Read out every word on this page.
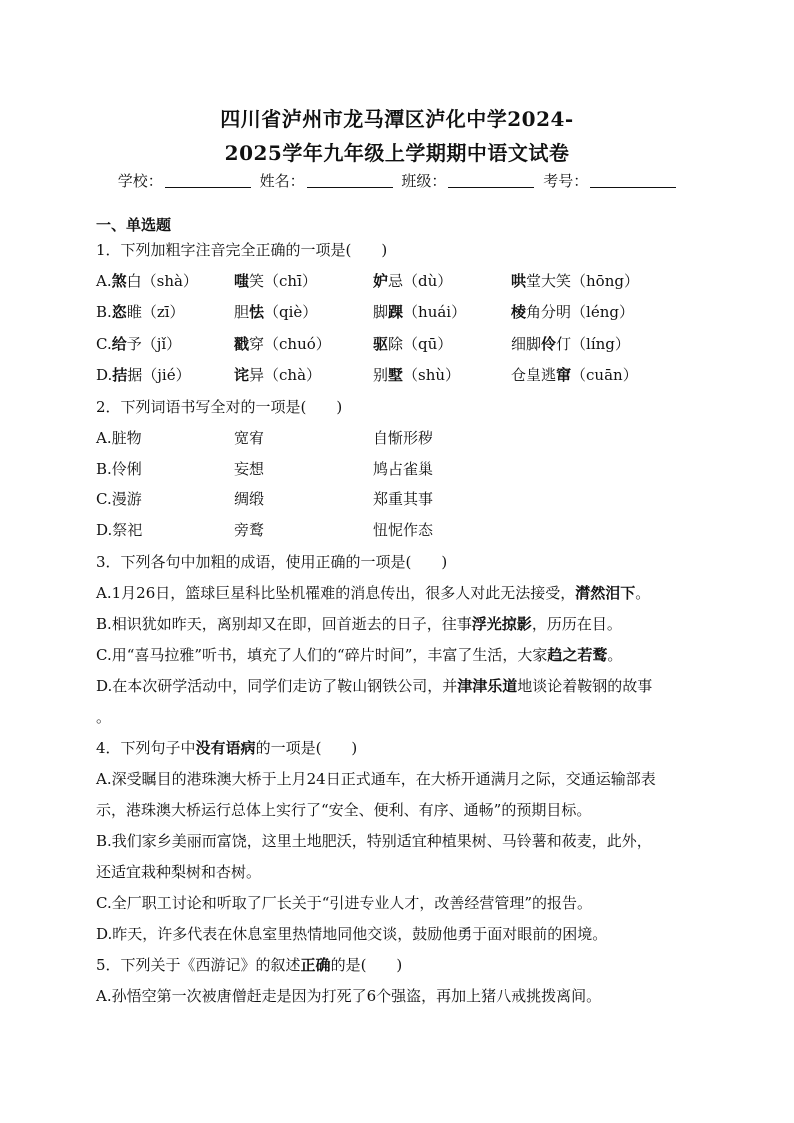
四川省泸州市龙马潭区泸化中学2024-
2025学年九年级上学期期中语文试卷
学校：	姓名：	班级：	考号：
一、单选题
1．下列加粗字注音完全正确的一项是(　　)
A.煞白（shà） 嗤笑（chī）	妒忌（dù）	哄堂大笑（hōng）
B.恣睢（zī）	胆怯（qiè）	脚踝（huái）	棱角分明（léng）
C.给予（jǐ）	戳穿（chuó）	驱除（qū）	细脚伶仃（líng）
D.拮据（jié）	诧异（chà）	别墅（shù）	仓皇逃窜（cuān）
2．下列词语书写全对的一项是(　　)
A.脏物	宽宥	自惭形秽
B.伶俐	妄想	鸠占雀巢
C.漫游	绸缎	郑重其事
D.祭祀	旁鹜	忸怩作态
3．下列各句中加粗的成语，使用正确的一项是(　　)
A.1月26日，篮球巨星科比坠机罹难的消息传出，很多人对此无法接受，潸然泪下。
B.相识犹如昨天，离别却又在即，回首逝去的日子，往事浮光掠影，历历在目。
C.用“喜马拉雅”听书，填充了人们的“碎片时间”，丰富了生活，大家趋之若鹜。
D.在本次研学活动中，同学们走访了鞍山钢铁公司，并津津乐道地谈论着鞍钢的故事
。
4．下列句子中没有语病的一项是(　　)
A.深受瞩目的港珠澳大桥于上月24日正式通车，在大桥开通满月之际，交通运输部表
示，港珠澳大桥运行总体上实行了“安全、便利、有序、通畅”的预期目标。
B.我们家乡美丽而富饶，这里土地肥沃，特别适宜种植果树、马铃薯和莜麦，此外，
还适宜栽种梨树和杏树。
C.全厂职工讨论和听取了厂长关于“引进专业人才，改善经营管理”的报告。
D.昨天，许多代表在休息室里热情地同他交谈，鼓励他勇于面对眼前的困境。
5．下列关于《西游记》的叙述正确的是(　　)
A.孙悟空第一次被唐僧赶走是因为打死了6个强盗，再加上猪八戒挑拨离间。
